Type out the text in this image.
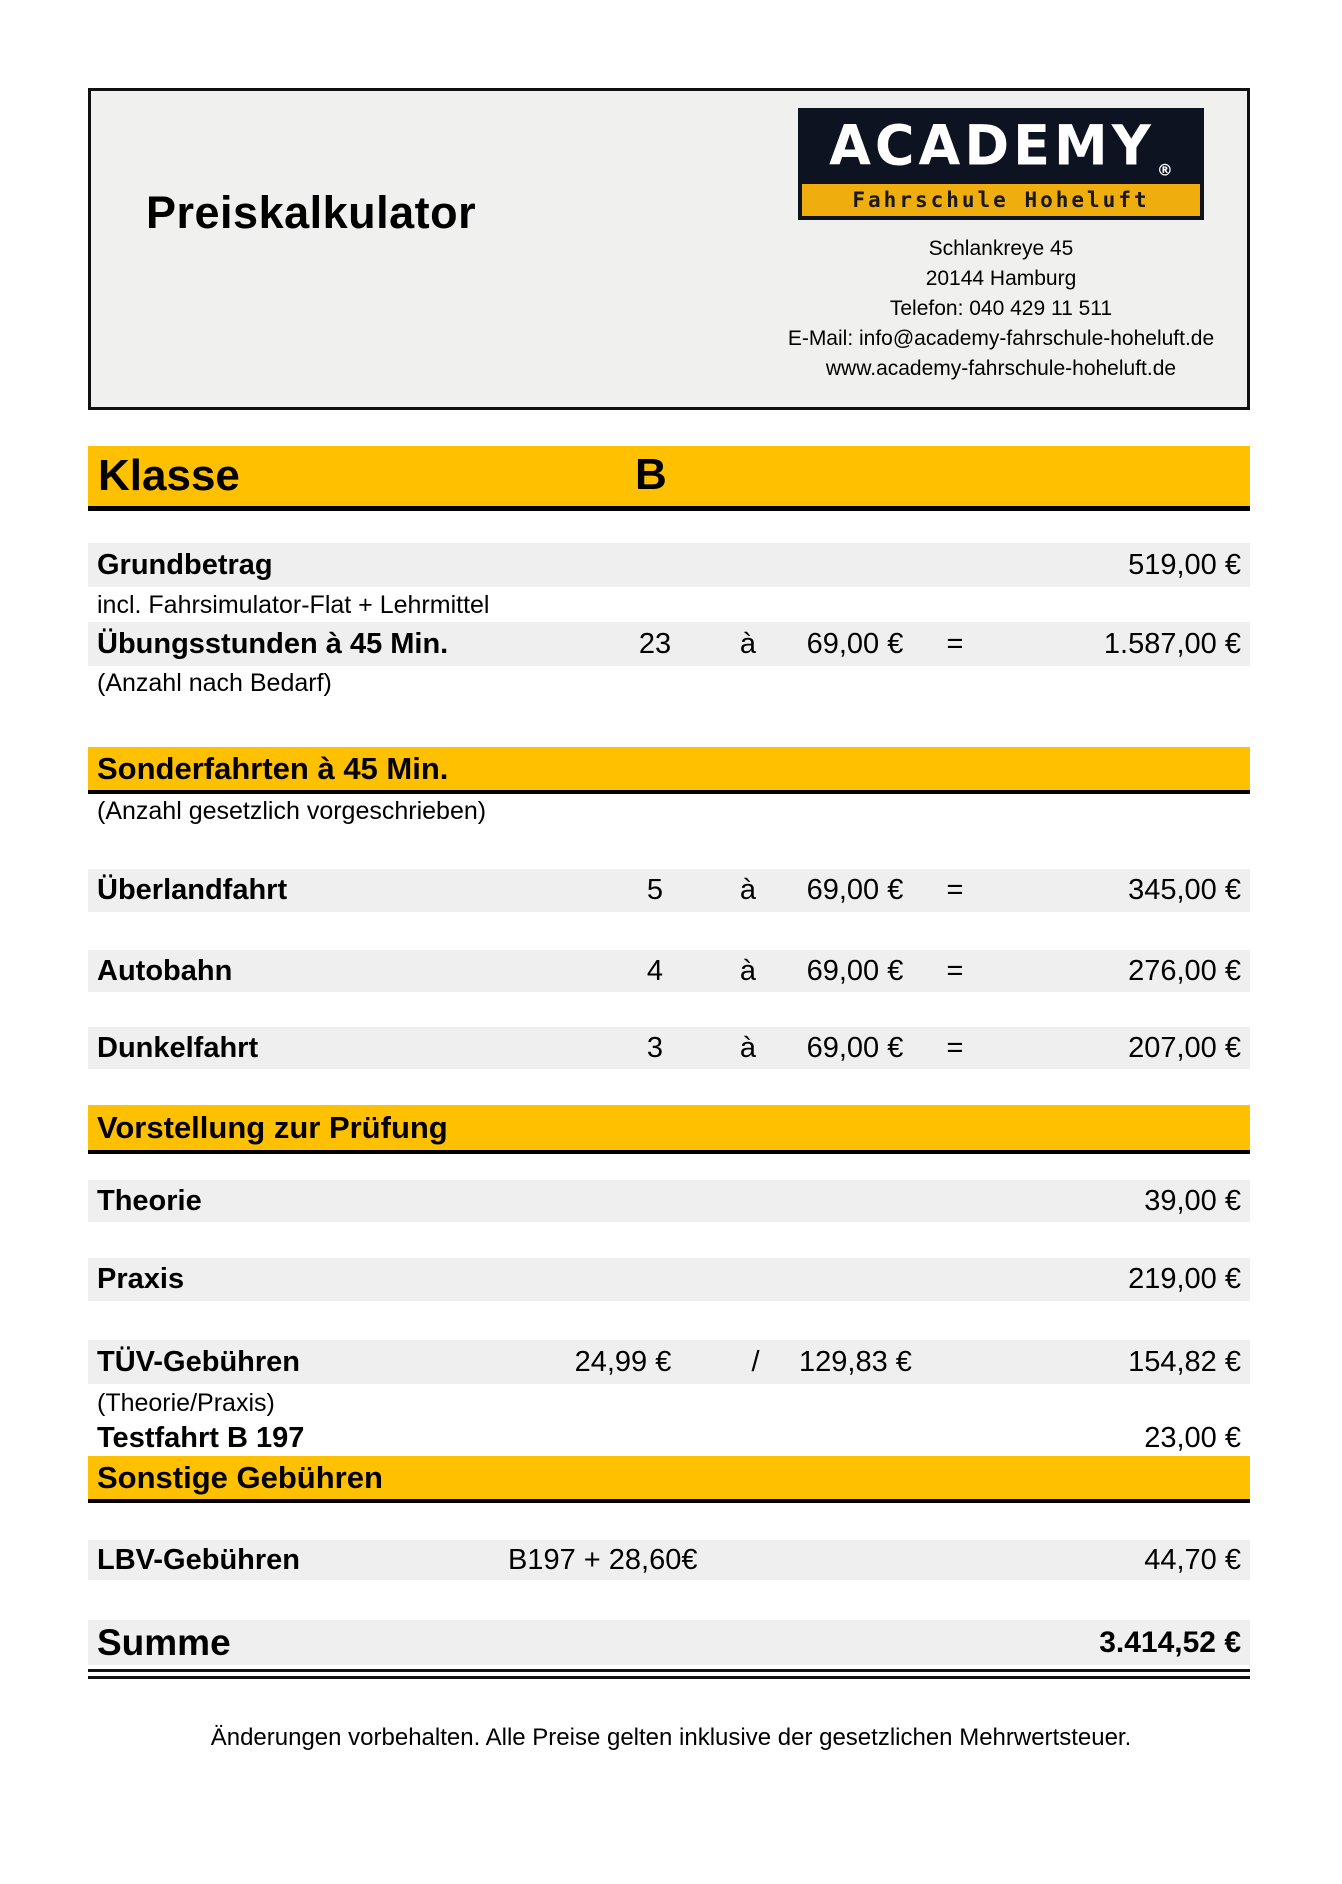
Preiskalkulator
ACADEMY ®
Fahrschule Hoheluft
Schlankreye 45
20144 Hamburg
Telefon: 040 429 11 511
E-Mail: info@academy-fahrschule-hoheluft.de
www.academy-fahrschule-hoheluft.de
Klasse	B
Grundbetrag	519,00 €
incl. Fahrsimulator-Flat + Lehrmittel
Übungsstunden à 45 Min.	23	à	69,00 €	=	1.587,00 €
(Anzahl nach Bedarf)
Sonderfahrten à 45 Min.
(Anzahl gesetzlich vorgeschrieben)
Überlandfahrt	5	à	69,00 €	=	345,00 €
Autobahn	4	à	69,00 €	=	276,00 €
Dunkelfahrt	3	à	69,00 €	=	207,00 €
Vorstellung zur Prüfung
Theorie	39,00 €
Praxis	219,00 €
TÜV-Gebühren	24,99 €	/	129,83 €	154,82 €
(Theorie/Praxis)
Testfahrt B 197	23,00 €
Sonstige Gebühren
LBV-Gebühren	B197 + 28,60€	44,70 €
Summe	3.414,52 €
Änderungen vorbehalten. Alle Preise gelten inklusive der gesetzlichen Mehrwertsteuer.
